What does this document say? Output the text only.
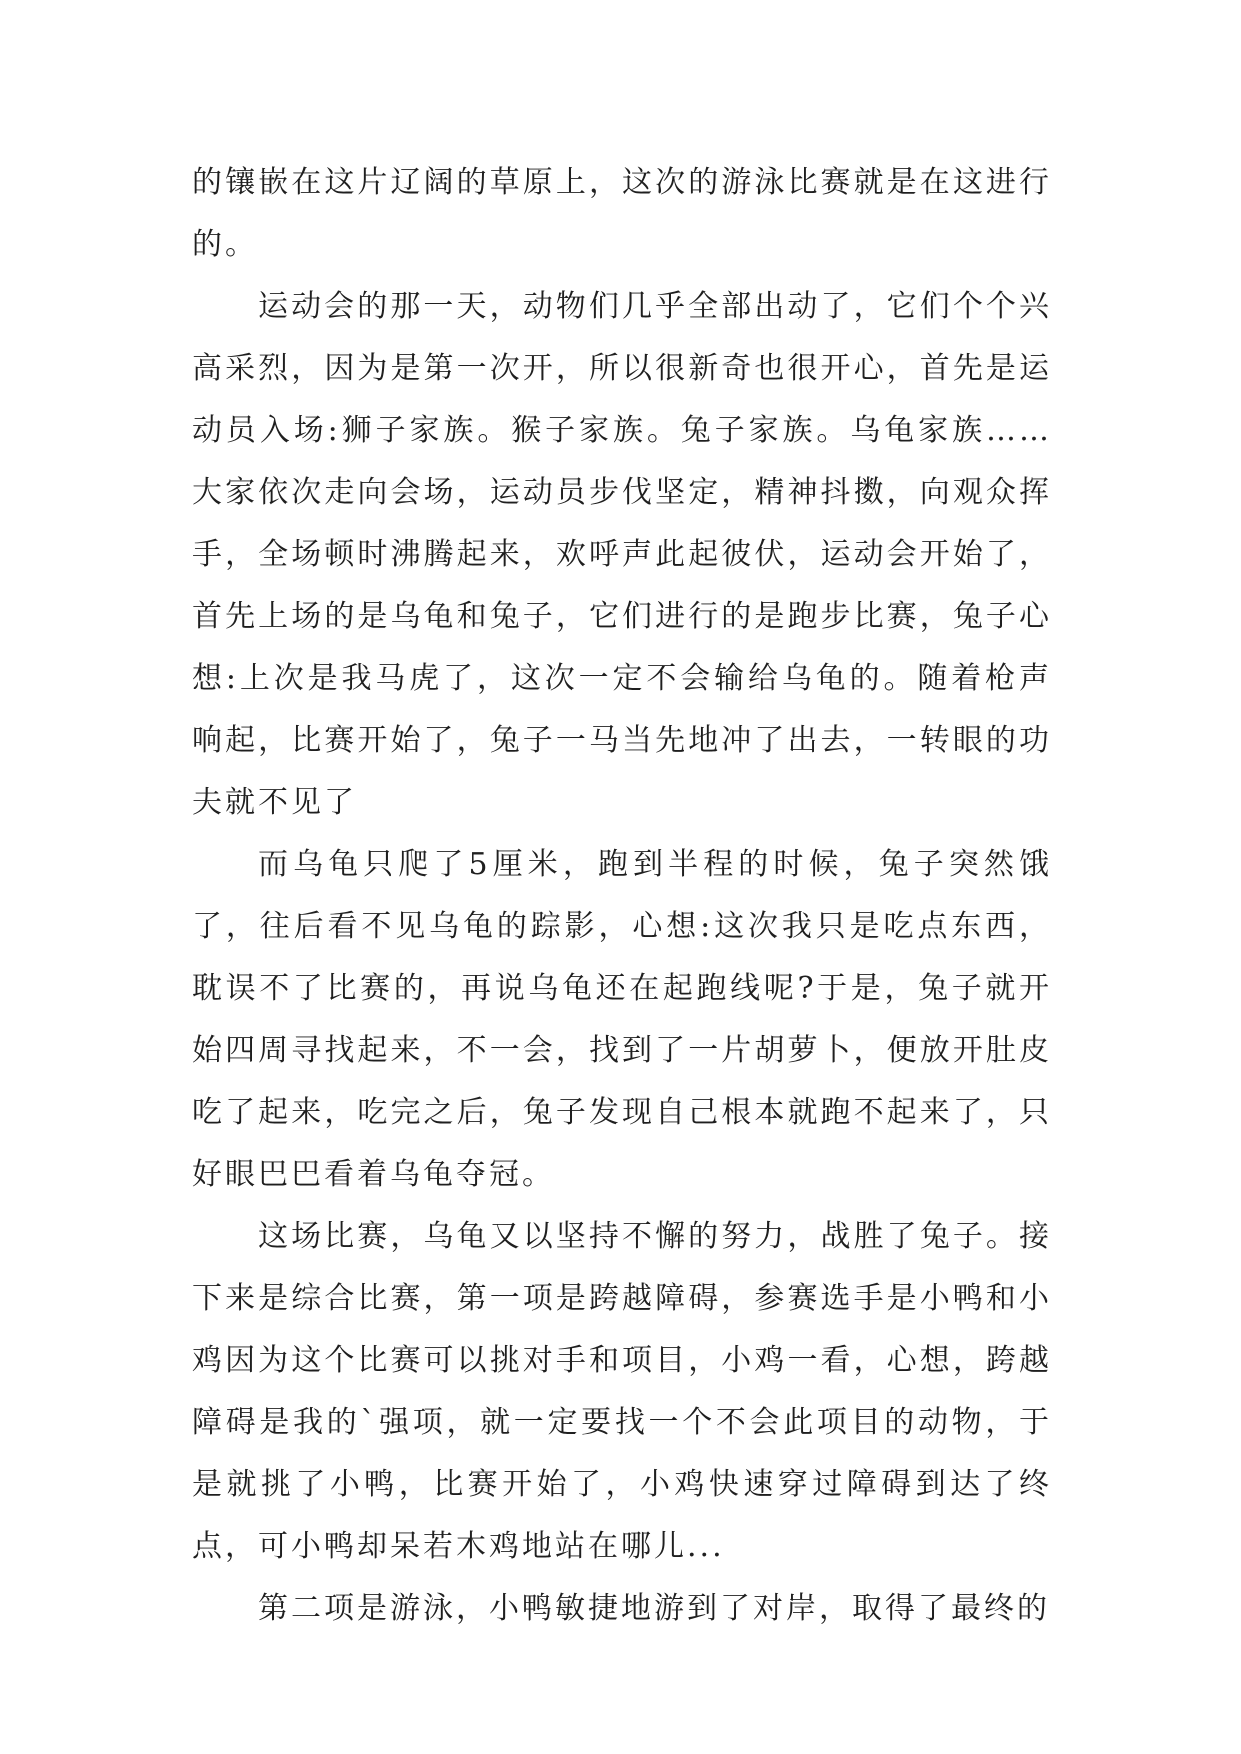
的镶嵌在这片辽阔的草原上，这次的游泳比赛就是在这进行的。

运动会的那一天，动物们几乎全部出动了，它们个个兴高采烈，因为是第一次开，所以很新奇也很开心，首先是运动员入场:狮子家族。猴子家族。兔子家族。乌龟家族……大家依次走向会场，运动员步伐坚定，精神抖擞，向观众挥手，全场顿时沸腾起来，欢呼声此起彼伏，运动会开始了，首先上场的是乌龟和兔子，它们进行的是跑步比赛，兔子心想:上次是我马虎了，这次一定不会输给乌龟的。随着枪声响起，比赛开始了，兔子一马当先地冲了出去，一转眼的功夫就不见了

而乌龟只爬了5厘米，跑到半程的时候，兔子突然饿了，往后看不见乌龟的踪影，心想:这次我只是吃点东西，耽误不了比赛的，再说乌龟还在起跑线呢?于是，兔子就开始四周寻找起来，不一会，找到了一片胡萝卜，便放开肚皮吃了起来，吃完之后，兔子发现自己根本就跑不起来了，只好眼巴巴看着乌龟夺冠。

这场比赛，乌龟又以坚持不懈的努力，战胜了兔子。接下来是综合比赛，第一项是跨越障碍，参赛选手是小鸭和小鸡因为这个比赛可以挑对手和项目，小鸡一看，心想，跨越障碍是我的`强项，就一定要找一个不会此项目的动物，于是就挑了小鸭，比赛开始了，小鸡快速穿过障碍到达了终点，可小鸭却呆若木鸡地站在哪儿...

第二项是游泳，小鸭敏捷地游到了对岸，取得了最终的
